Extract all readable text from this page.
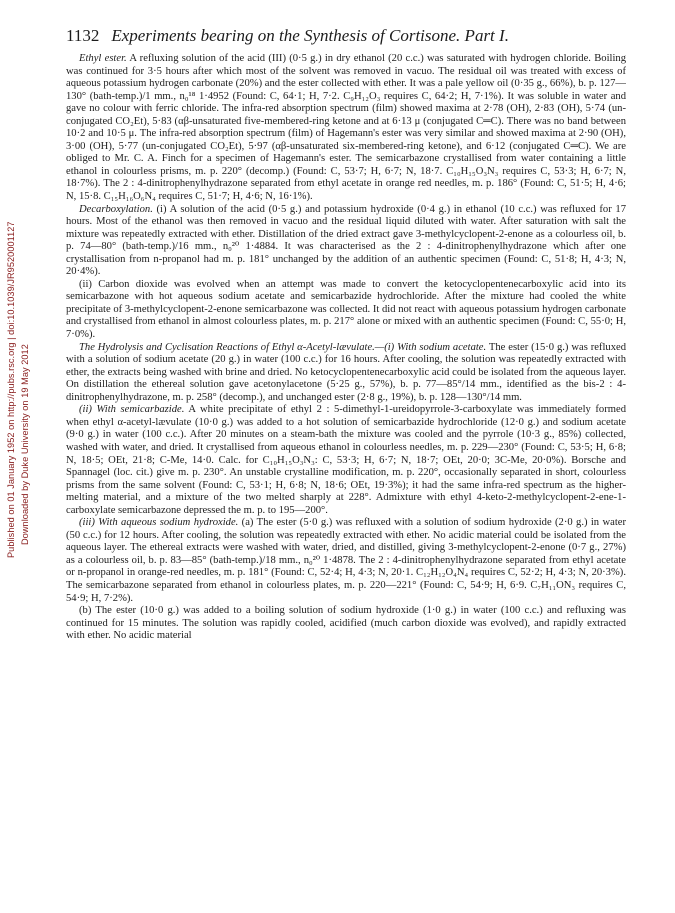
Published on 01 January 1952 on http://pubs.rsc.org | doi:10.1039/JR9520001127 Downloaded by Duke University on 19 May 2012
1132 Experiments bearing on the Synthesis of Cortisone. Part I.

Ethyl ester. A refluxing solution of the acid (III) (0·5 g.) in dry ethanol (20 c.c.) was saturated with hydrogen chloride. Boiling was continued for 3·5 hours after which most of the solvent was removed in vacuo. The residual oil was treated with excess of aqueous potassium hydrogen carbonate (20%) and the ester collected with ether. It was a pale yellow oil (0·35 g., 66%), b. p. 127—130° (bath-temp.)/1 mm., n₀¹⁸ 1·4952 (Found: C, 64·1; H, 7·2. C₉H₁₂O₃ requires C, 64·2; H, 7·1%). It was soluble in water and gave no colour with ferric chloride. The infra-red absorption spectrum (film) showed maxima at 2·78 (OH), 2·83 (OH), 5·74 (un-conjugated CO₂Et), 5·83 (αβ-unsaturated five-membered-ring ketone and at 6·13 μ (conjugated C═C). There was no band between 10·2 and 10·5 μ. The infra-red absorption spectrum (film) of Hagemann's ester was very similar and showed maxima at 2·90 (OH), 3·00 (OH), 5·77 (un-conjugated CO₂Et), 5·97 (αβ-unsaturated six-membered-ring ketone), and 6·12 (conjugated C═C). We are obliged to Mr. C. A. Finch for a specimen of Hagemann's ester. The semicarbazone crystallised from water containing a little ethanol in colourless prisms, m. p. 220° (decomp.) (Found: C, 53·7; H, 6·7; N, 18·7. C₁₀H₁₅O₃N₃ requires C, 53·3; H, 6·7; N, 18·7%). The 2 : 4-dinitrophenylhydrazone separated from ethyl acetate in orange red needles, m. p. 186° (Found: C, 51·5; H, 4·6; N, 15·8. C₁₅H₁₆O₆N₄ requires C, 51·7; H, 4·6; N, 16·1%).

Decarboxylation. (i) A solution of the acid (0·5 g.) and potassium hydroxide (0·4 g.) in ethanol (10 c.c.) was refluxed for 17 hours. Most of the ethanol was then removed in vacuo and the residual liquid diluted with water. After saturation with salt the mixture was repeatedly extracted with ether. Distillation of the dried extract gave 3-methylcyclopent-2-enone as a colourless oil, b. p. 74—80° (bath-temp.)/16 mm., n₀²⁰ 1·4884. It was characterised as the 2 : 4-dinitrophenylhydrazone which after one crystallisation from n-propanol had m. p. 181° unchanged by the addition of an authentic specimen (Found: C, 51·8; H, 4·3; N, 20·4%).

(ii) Carbon dioxide was evolved when an attempt was made to convert the ketocyclopentenecarboxylic acid into its semicarbazone with hot aqueous sodium acetate and semicarbazide hydrochloride. After the mixture had cooled the white precipitate of 3-methylcyclopent-2-enone semicarbazone was collected. It did not react with aqueous potassium hydrogen carbonate and crystallised from ethanol in almost colourless plates, m. p. 217° alone or mixed with an authentic specimen (Found: C, 55·0; H, 7·0%).

The Hydrolysis and Cyclisation Reactions of Ethyl α-Acetyl-lævulate.—(i) With sodium acetate. The ester (15·0 g.) was refluxed with a solution of sodium acetate (20 g.) in water (100 c.c.) for 16 hours. After cooling, the solution was repeatedly extracted with ether, the extracts being washed with brine and dried. No ketocyclopentenecarboxylic acid could be isolated from the aqueous layer. On distillation the ethereal solution gave acetonylacetone (5·25 g., 57%), b. p. 77—85°/14 mm., identified as the bis-2 : 4-dinitrophenylhydrazone, m. p. 258° (decomp.), and unchanged ester (2·8 g., 19%), b. p. 128—130°/14 mm.

(ii) With semicarbazide. A white precipitate of ethyl 2 : 5-dimethyl-1-ureidopyrrole-3-carboxylate was immediately formed when ethyl α-acetyl-lævulate (10·0 g.) was added to a hot solution of semicarbazide hydrochloride (12·0 g.) and sodium acetate (9·0 g.) in water (100 c.c.). After 20 minutes on a steam-bath the mixture was cooled and the pyrrole (10·3 g., 85%) collected, washed with water, and dried. It crystallised from aqueous ethanol in colourless needles, m. p. 229—230° (Found: C, 53·5; H, 6·8; N, 18·5; OEt, 21·8; C-Me, 14·0. Calc. for C₁₀H₁₅O₃N₃: C, 53·3; H, 6·7; N, 18·7; OEt, 20·0; 3C-Me, 20·0%). Borsche and Spannagel (loc. cit.) give m. p. 230°. An unstable crystalline modification, m. p. 220°, occasionally separated in short, colourless prisms from the same solvent (Found: C, 53·1; H, 6·8; N, 18·6; OEt, 19·3%); it had the same infra-red spectrum as the higher-melting material, and a mixture of the two melted sharply at 228°. Admixture with ethyl 4-keto-2-methylcyclopent-2-ene-1-carboxylate semicarbazone depressed the m. p. to 195—200°.

(iii) With aqueous sodium hydroxide. (a) The ester (5·0 g.) was refluxed with a solution of sodium hydroxide (2·0 g.) in water (50 c.c.) for 12 hours. After cooling, the solution was repeatedly extracted with ether. No acidic material could be isolated from the aqueous layer. The ethereal extracts were washed with water, dried, and distilled, giving 3-methylcyclopent-2-enone (0·7 g., 27%) as a colourless oil, b. p. 83—85° (bath-temp.)/18 mm., n₀²⁰ 1·4878. The 2 : 4-dinitrophenylhydrazone separated from ethyl acetate or n-propanol in orange-red needles, m. p. 181° (Found: C, 52·4; H, 4·3; N, 20·1. C₁₂H₁₂O₄N₄ requires C, 52·2; H, 4·3; N, 20·3%). The semicarbazone separated from ethanol in colourless plates, m. p. 220—221° (Found: C, 54·9; H, 6·9. C₇H₁₁ON₃ requires C, 54·9; H, 7·2%).

(b) The ester (10·0 g.) was added to a boiling solution of sodium hydroxide (1·0 g.) in water (100 c.c.) and refluxing was continued for 15 minutes. The solution was rapidly cooled, acidified (much carbon dioxide was evolved), and rapidly extracted with ether. No acidic material
